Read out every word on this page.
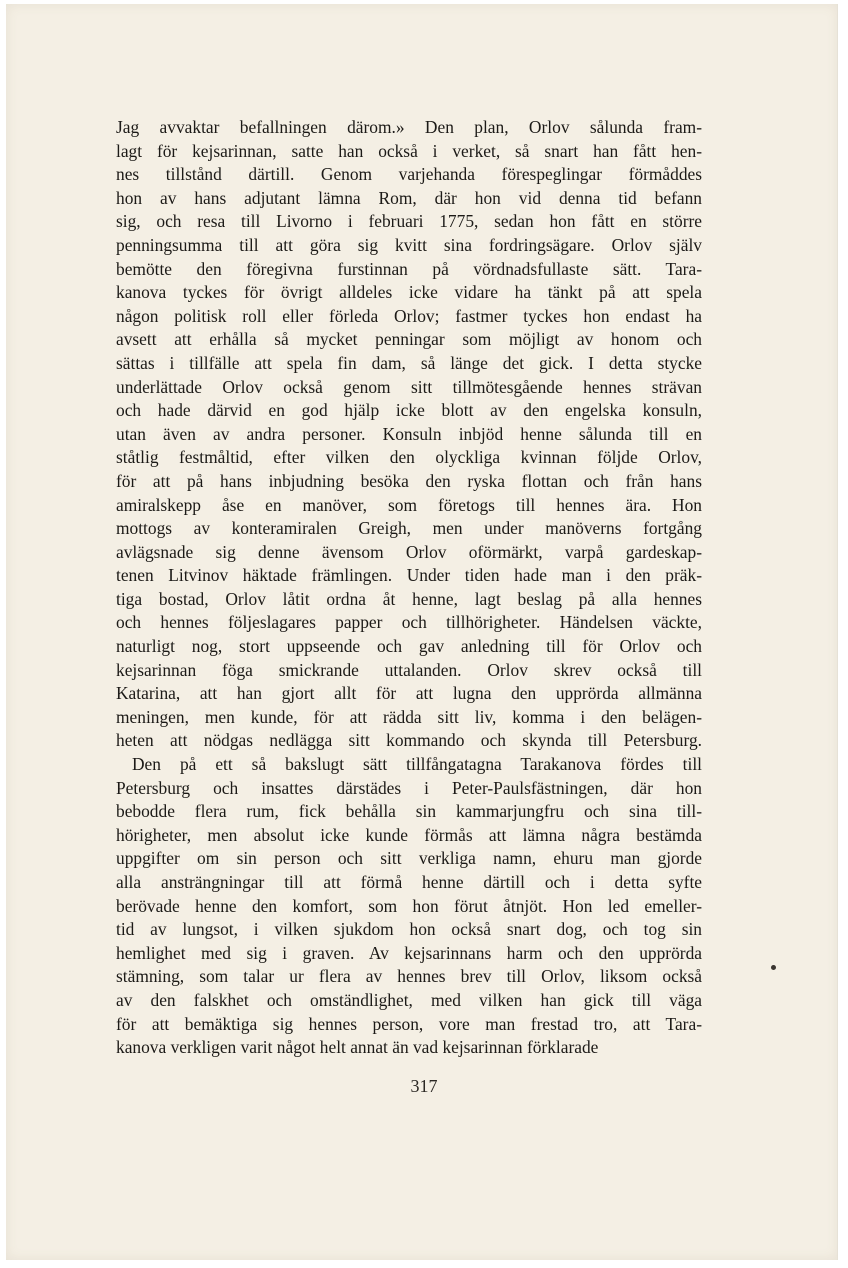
Jag avvaktar befallningen därom.» Den plan, Orlov sålunda fram-
lagt för kejsarinnan, satte han också i verket, så snart han fått hen-
nes tillstånd därtill. Genom varjehanda förespeglingar förmåddes
hon av hans adjutant lämna Rom, där hon vid denna tid befann
sig, och resa till Livorno i februari 1775, sedan hon fått en större
penningsumma till att göra sig kvitt sina fordringsägare. Orlov själv
bemötte den föregivna furstinnan på vördnadsfullaste sätt. Tara-
kanova tyckes för övrigt alldeles icke vidare ha tänkt på att spela
någon politisk roll eller förleda Orlov; fastmer tyckes hon endast ha
avsett att erhålla så mycket penningar som möjligt av honom och
sättas i tillfälle att spela fin dam, så länge det gick. I detta stycke
underlättade Orlov också genom sitt tillmötesgående hennes strävan
och hade därvid en god hjälp icke blott av den engelska konsuln,
utan även av andra personer. Konsuln inbjöd henne sålunda till en
ståtlig festmåltid, efter vilken den olyckliga kvinnan följde Orlov,
för att på hans inbjudning besöka den ryska flottan och från hans
amiralskepp åse en manöver, som företogs till hennes ära. Hon
mottogs av konteramiralen Greigh, men under manöverns fortgång
avlägsnade sig denne ävensom Orlov oförmärkt, varpå gardeskap-
tenen Litvinov häktade främlingen. Under tiden hade man i den präk-
tiga bostad, Orlov låtit ordna åt henne, lagt beslag på alla hennes
och hennes följeslagares papper och tillhörigheter. Händelsen väckte,
naturligt nog, stort uppseende och gav anledning till för Orlov och
kejsarinnan föga smickrande uttalanden. Orlov skrev också till
Katarina, att han gjort allt för att lugna den upprörda allmänna
meningen, men kunde, för att rädda sitt liv, komma i den belägen-
heten att nödgas nedlägga sitt kommando och skynda till Petersburg.
Den på ett så bakslugt sätt tillfångatagna Tarakanova fördes till
Petersburg och insattes därstädes i Peter-Paulsfästningen, där hon
bebodde flera rum, fick behålla sin kammarjungfru och sina till-
hörigheter, men absolut icke kunde förmås att lämna några bestämda
uppgifter om sin person och sitt verkliga namn, ehuru man gjorde
alla ansträngningar till att förmå henne därtill och i detta syfte
berövade henne den komfort, som hon förut åtnjöt. Hon led emeller-
tid av lungsot, i vilken sjukdom hon också snart dog, och tog sin
hemlighet med sig i graven. Av kejsarinnans harm och den upprörda
stämning, som talar ur flera av hennes brev till Orlov, liksom också
av den falskhet och omständlighet, med vilken han gick till väga
för att bemäktiga sig hennes person, vore man frestad tro, att Tara-
kanova verkligen varit något helt annat än vad kejsarinnan förklarade
317
